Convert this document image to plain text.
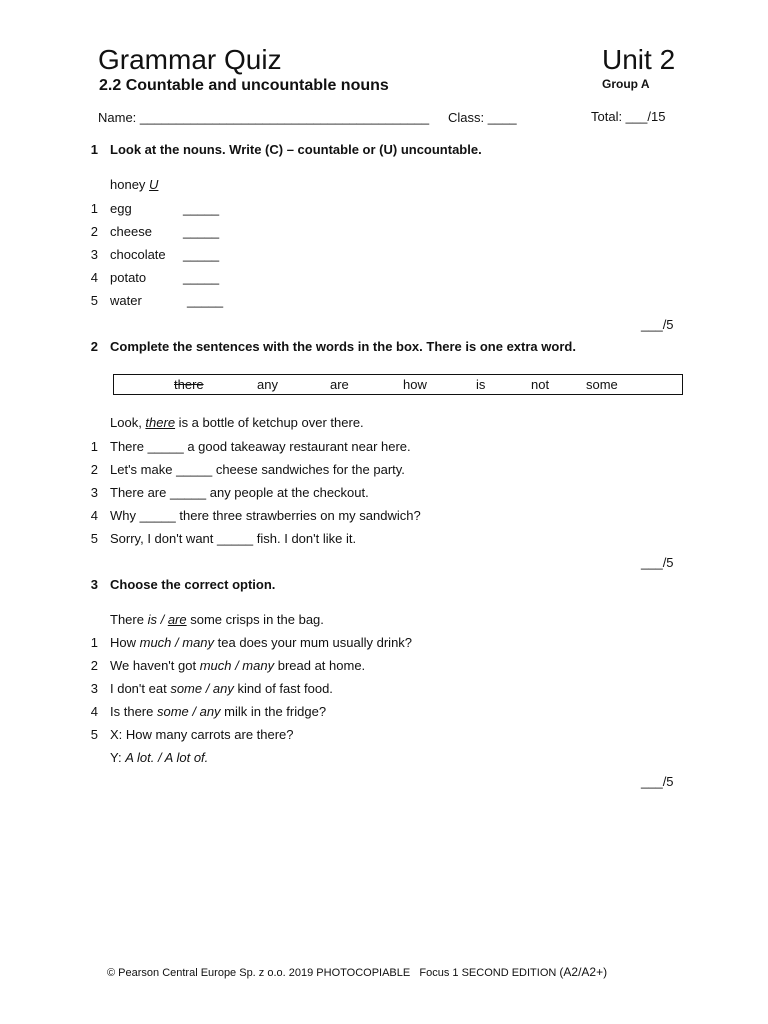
Grammar Quiz	Unit 2
2.2 Countable and uncountable nouns	Group A
Name: ________________________________________ Class: ____	Total: ___/15
1 Look at the nouns. Write (C) – countable or (U) uncountable.
honey U
1 egg	_____
2 cheese _____
3 chocolate _____
4 potato	_____
5 water	_____
___/5
2 Complete the sentences with the words in the box. There is one extra word.
there	any	are	how	is	not	some
Look, there is a bottle of ketchup over there.
1 There _____ a good takeaway restaurant near here.
2 Let's make _____ cheese sandwiches for the party.
3 There are _____ any people at the checkout.
4 Why _____ there three strawberries on my sandwich?
5 Sorry, I don't want _____ fish. I don't like it.
___/5
3 Choose the correct option.
There is / are some crisps in the bag.
1 How much / many tea does your mum usually drink?
2 We haven't got much / many bread at home.
3 I don't eat some / any kind of fast food.
4 Is there some / any milk in the fridge?
5 X: How many carrots are there?
Y: A lot. / A lot of.
___/5
© Pearson Central Europe Sp. z o.o. 2019 PHOTOCOPIABLE Focus 1 SECOND EDITION (A2/A2+)
